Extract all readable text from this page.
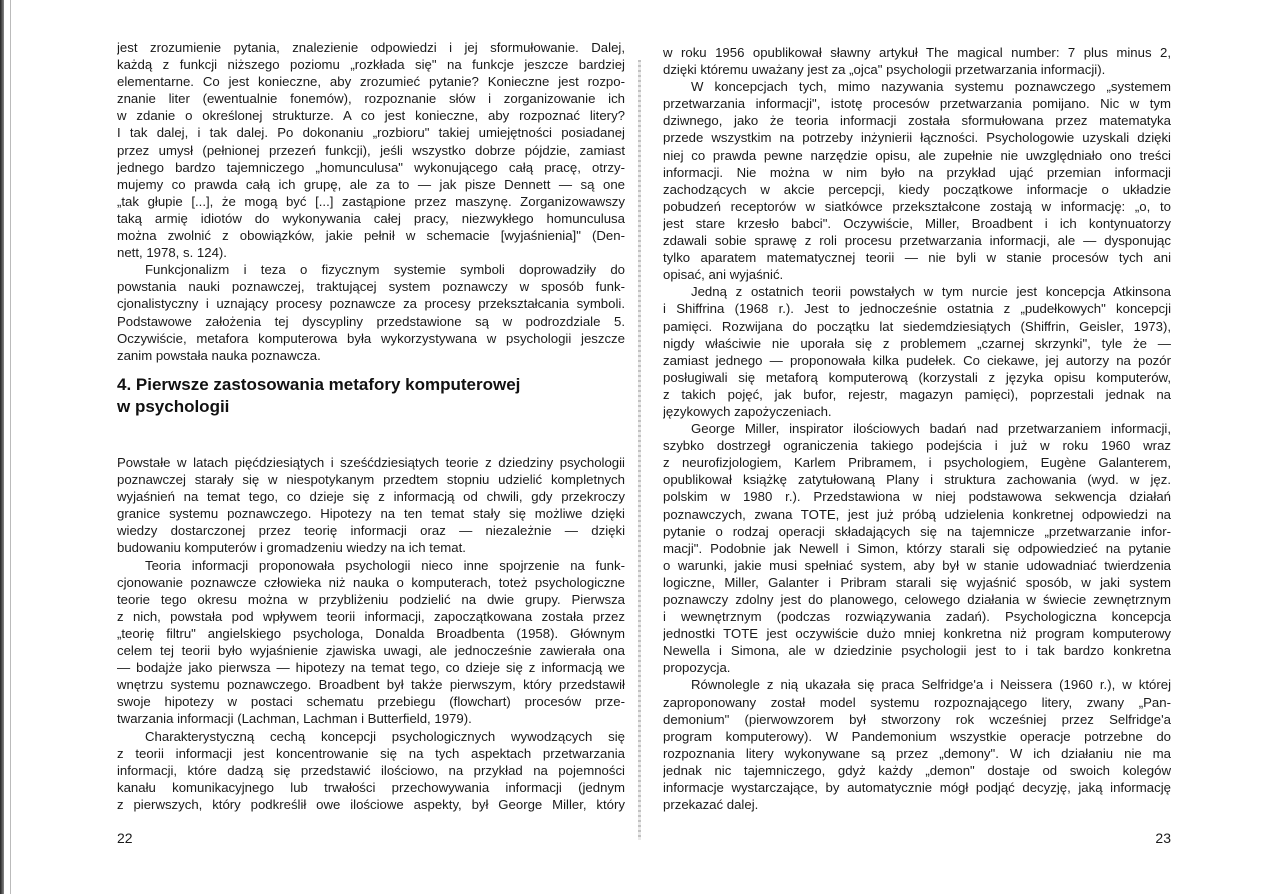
jest zrozumienie pytania, znalezienie odpowiedzi i jej sformułowanie. Dalej,
każdą z funkcji niższego poziomu „rozkłada się" na funkcje jeszcze bardziej
elementarne. Co jest konieczne, aby zrozumieć pytanie? Konieczne jest rozpo-
znanie liter (ewentualnie fonemów), rozpoznanie słów i zorganizowanie ich
w zdanie o określonej strukturze. A co jest konieczne, aby rozpoznać litery?
I tak dalej, i tak dalej. Po dokonaniu „rozbioru" takiej umiejętności posiadanej
przez umysł (pełnionej przezeń funkcji), jeśli wszystko dobrze pójdzie, zamiast
jednego bardzo tajemniczego „homunculusa" wykonującego całą pracę, otrzy-
mujemy co prawda całą ich grupę, ale za to — jak pisze Dennett — są one
„tak głupie [...], że mogą być [...] zastąpione przez maszynę. Zorganizowawszy
taką armię idiotów do wykonywania całej pracy, niezwykłego homunculusa
można zwolnić z obowiązków, jakie pełnił w schemacie [wyjaśnienia]" (Den-
nett, 1978, s. 124).
Funkcjonalizm i teza o fizycznym systemie symboli doprowadziły do
powstania nauki poznawczej, traktującej system poznawczy w sposób funk-
cjonalistyczny i uznający procesy poznawcze za procesy przekształcania symboli.
Podstawowe założenia tej dyscypliny przedstawione są w podrozdziale 5.
Oczywiście, metafora komputerowa była wykorzystywana w psychologii jeszcze
zanim powstała nauka poznawcza.
4. Pierwsze zastosowania metafory komputerowej
w psychologii
Powstałe w latach pięćdziesiątych i sześćdziesiątych teorie z dziedziny psychologii
poznawczej starały się w niespotykanym przedtem stopniu udzielić kompletnych
wyjaśnień na temat tego, co dzieje się z informacją od chwili, gdy przekroczy
granice systemu poznawczego. Hipotezy na ten temat stały się możliwe dzięki
wiedzy dostarczonej przez teorię informacji oraz — niezależnie — dzięki
budowaniu komputerów i gromadzeniu wiedzy na ich temat.
Teoria informacji proponowała psychologii nieco inne spojrzenie na funk-
cjonowanie poznawcze człowieka niż nauka o komputerach, toteż psychologiczne
teorie tego okresu można w przybliżeniu podzielić na dwie grupy. Pierwsza
z nich, powstała pod wpływem teorii informacji, zapoczątkowana została przez
„teorię filtru" angielskiego psychologa, Donalda Broadbenta (1958). Głównym
celem tej teorii było wyjaśnienie zjawiska uwagi, ale jednocześnie zawierała ona
— bodajże jako pierwsza — hipotezy na temat tego, co dzieje się z informacją we
wnętrzu systemu poznawczego. Broadbent był także pierwszym, który przedstawił
swoje hipotezy w postaci schematu przebiegu (flowchart) procesów prze-
twarzania informacji (Lachman, Lachman i Butterfield, 1979).
Charakterystyczną cechą koncepcji psychologicznych wywodzących się
z teorii informacji jest koncentrowanie się na tych aspektach przetwarzania
informacji, które dadzą się przedstawić ilościowo, na przykład na pojemności
kanału komunikacyjnego lub trwałości przechowywania informacji (jednym
z pierwszych, który podkreślił owe ilościowe aspekty, był George Miller, który
22
w roku 1956 opublikował sławny artykuł The magical number: 7 plus minus 2,
dzięki któremu uważany jest za „ojca" psychologii przetwarzania informacji).
W koncepcjach tych, mimo nazywania systemu poznawczego „systemem
przetwarzania informacji", istotę procesów przetwarzania pomijano. Nic w tym
dziwnego, jako że teoria informacji została sformułowana przez matematyka
przede wszystkim na potrzeby inżynierii łączności. Psychologowie uzyskali dzięki
niej co prawda pewne narzędzie opisu, ale zupełnie nie uwzględniało ono treści
informacji. Nie można w nim było na przykład ująć przemian informacji
zachodzących w akcie percepcji, kiedy początkowe informacje o układzie
pobudzeń receptorów w siatkówce przekształcone zostają w informację: „o, to
jest stare krzesło babci". Oczywiście, Miller, Broadbent i ich kontynuatorzy
zdawali sobie sprawę z roli procesu przetwarzania informacji, ale — dysponując
tylko aparatem matematycznej teorii — nie byli w stanie procesów tych ani
opisać, ani wyjaśnić.
Jedną z ostatnich teorii powstałych w tym nurcie jest koncepcja Atkinsona
i Shiffrina (1968 r.). Jest to jednocześnie ostatnia z „pudełkowych" koncepcji
pamięci. Rozwijana do początku lat siedemdziesiątych (Shiffrin, Geisler, 1973),
nigdy właściwie nie uporała się z problemem „czarnej skrzynki", tyle że —
zamiast jednego — proponowała kilka pudełek. Co ciekawe, jej autorzy na pozór
posługiwali się metaforą komputerową (korzystali z języka opisu komputerów,
z takich pojęć, jak bufor, rejestr, magazyn pamięci), poprzestali jednak na
językowych zapożyczeniach.
George Miller, inspirator ilościowych badań nad przetwarzaniem informacji,
szybko dostrzegł ograniczenia takiego podejścia i już w roku 1960 wraz
z neurofizjologiem, Karlem Pribramem, i psychologiem, Eugène Galanterem,
opublikował książkę zatytułowaną Plany i struktura zachowania (wyd. w jęz.
polskim w 1980 r.). Przedstawiona w niej podstawowa sekwencja działań
poznawczych, zwana TOTE, jest już próbą udzielenia konkretnej odpowiedzi na
pytanie o rodzaj operacji składających się na tajemnicze „przetwarzanie infor-
macji". Podobnie jak Newell i Simon, którzy starali się odpowiedzieć na pytanie
o warunki, jakie musi spełniać system, aby był w stanie udowadniać twierdzenia
logiczne, Miller, Galanter i Pribram starali się wyjaśnić sposób, w jaki system
poznawczy zdolny jest do planowego, celowego działania w świecie zewnętrznym
i wewnętrznym (podczas rozwiązywania zadań). Psychologiczna koncepcja
jednostki TOTE jest oczywiście dużo mniej konkretna niż program komputerowy
Newella i Simona, ale w dziedzinie psychologii jest to i tak bardzo konkretna
propozycja.
Równolegle z nią ukazała się praca Selfridge'a i Neissera (1960 r.), w której
zaproponowany został model systemu rozpoznającego litery, zwany „Pan-
demonium" (pierwowzorem był stworzony rok wcześniej przez Selfridge'a
program komputerowy). W Pandemonium wszystkie operacje potrzebne do
rozpoznania litery wykonywane są przez „demony". W ich działaniu nie ma
jednak nic tajemniczego, gdyż każdy „demon" dostaje od swoich kolegów
informacje wystarczające, by automatycznie mógł podjąć decyzję, jaką informację
przekazać dalej.
23
